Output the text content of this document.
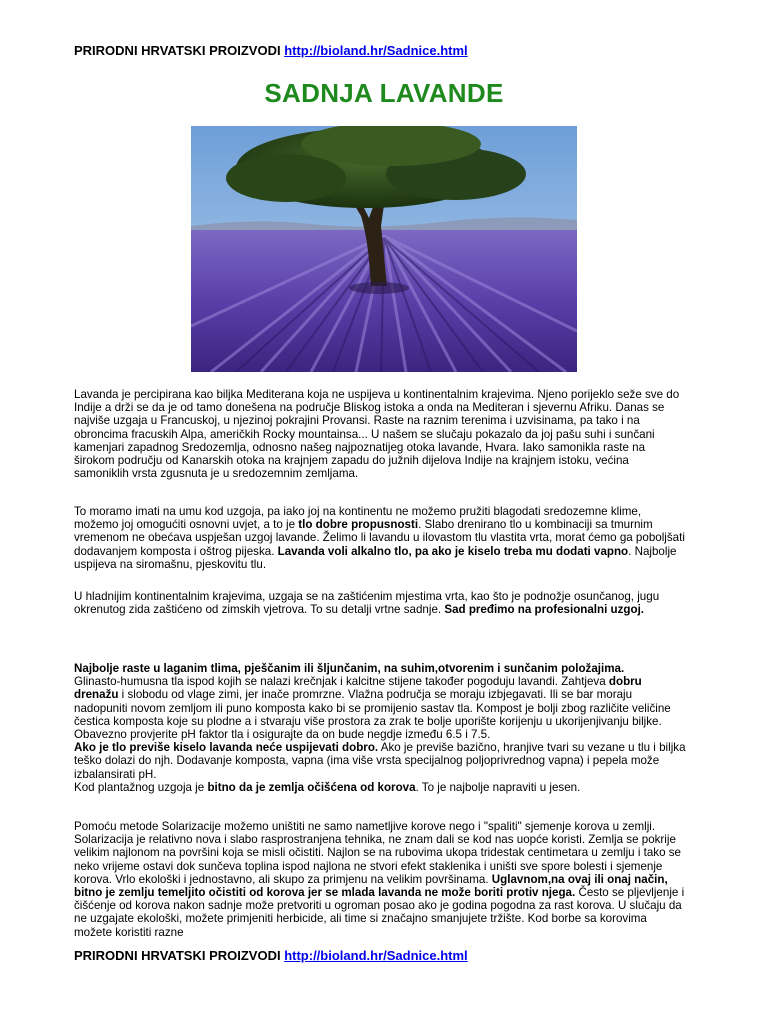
PRIRODNI HRVATSKI PROIZVODI http://bioland.hr/Sadnice.html
SADNJA LAVANDE

Lavanda je percipirana kao biljka Mediterana koja ne uspijeva u kontinentalnim krajevima. Njeno porijeklo seže sve do Indije a drži se da je od tamo donešena na područje Bliskog istoka a onda na Mediteran i sjevernu Afriku. Danas se najviše uzgaja u Francuskoj, u njezinoj pokrajini Provansi. Raste na raznim terenima i uzvisinama, pa tako i na obroncima fracuskih Alpa, američkih Rocky mountainsa... U našem se slučaju pokazalo da joj pašu suhi i sunčani kamenjari zapadnog Sredozemlja, odnosno našeg najpoznatijeg otoka lavande, Hvara. Iako samonikla raste na širokom području od Kanarskih otoka na krajnjem zapadu do južnih dijelova Indije na krajnjem istoku, većina samoniklih vrsta zgusnuta je u sredozemnim zemljama.

To moramo imati na umu kod uzgoja, pa iako joj na kontinentu ne možemo pružiti blagodati sredozemne klime, možemo joj omogućiti osnovni uvjet, a to je tlo dobre propusnosti. Slabo drenirano tlo u kombinaciji sa tmurnim vremenom ne obećava uspješan uzgoj lavande. Želimo li lavandu u ilovastom tlu vlastita vrta, morat ćemo ga poboljšati dodavanjem komposta i oštrog pijeska. Lavanda voli alkalno tlo, pa ako je kiselo treba mu dodati vapno. Najbolje uspijeva na siromašnu, pjeskovitu tlu.

U hladnijim kontinentalnim krajevima, uzgaja se na zaštićenim mjestima vrta, kao što je podnožje osunčanog, jugu okrenutog zida zaštićeno od zimskih vjetrova. To su detalji vrtne sadnje. Sad pređimo na profesionalni uzgoj.

Najbolje raste u laganim tlima, pješčanim ili šljunčanim, na suhim,otvorenim i sunčanim položajima.
Glinasto-humusna tla ispod kojih se nalazi krečnjak i kalcitne stijene također pogoduju lavandi. Zahtjeva dobru drenažu i slobodu od vlage zimi, jer inače promrzne. Vlažna područja se moraju izbjegavati. Ili se bar moraju nadopuniti novom zemljom ili puno komposta kako bi se promijenio sastav tla. Kompost je bolji zbog različite veličine čestica komposta koje su plodne a i stvaraju više prostora za zrak te bolje uporište korijenju u ukorijenjivanju biljke. Obavezno provjerite pH faktor tla i osigurajte da on bude negdje između 6.5 i 7.5.
Ako je tlo previše kiselo lavanda neće uspijevati dobro. Ako je previše bazično, hranjive tvari su vezane u tlu i biljka teško dolazi do njh. Dodavanje komposta, vapna (ima više vrsta specijalnog poljoprivrednog vapna) i pepela može izbalansirati pH.
Kod plantažnog uzgoja je bitno da je zemlja očišćena od korova. To je najbolje napraviti u jesen.

Pomoću metode Solarizacije možemo uništiti ne samo nametljive korove nego i "spaliti" sjemenje korova u zemlji. Solarizacija je relativno nova i slabo rasprostranjena tehnika, ne znam dali se kod nas uopće koristi. Zemlja se pokrije velikim najlonom na površini koja se misli očistiti. Najlon se na rubovima ukopa tridestak centimetara u zemlju i tako se neko vrijeme ostavi dok sunčeva toplina ispod najlona ne stvori efekt staklenika i uništi sve spore bolesti i sjemenje korova. Vrlo ekološki i jednostavno, ali skupo za primjenu na velikim površinama. Uglavnom,na ovaj ili onaj način, bitno je zemlju temeljito očistiti od korova jer se mlada lavanda ne može boriti protiv njega. Često se pljevljenje i čišćenje od korova nakon sadnje može pretvoriti u ogroman posao ako je godina pogodna za rast korova. U slučaju da ne uzgajate ekološki, možete primjeniti herbicide, ali time si značajno smanjujete tržište. Kod borbe sa korovima možete koristiti razne

PRIRODNI HRVATSKI PROIZVODI http://bioland.hr/Sadnice.html
